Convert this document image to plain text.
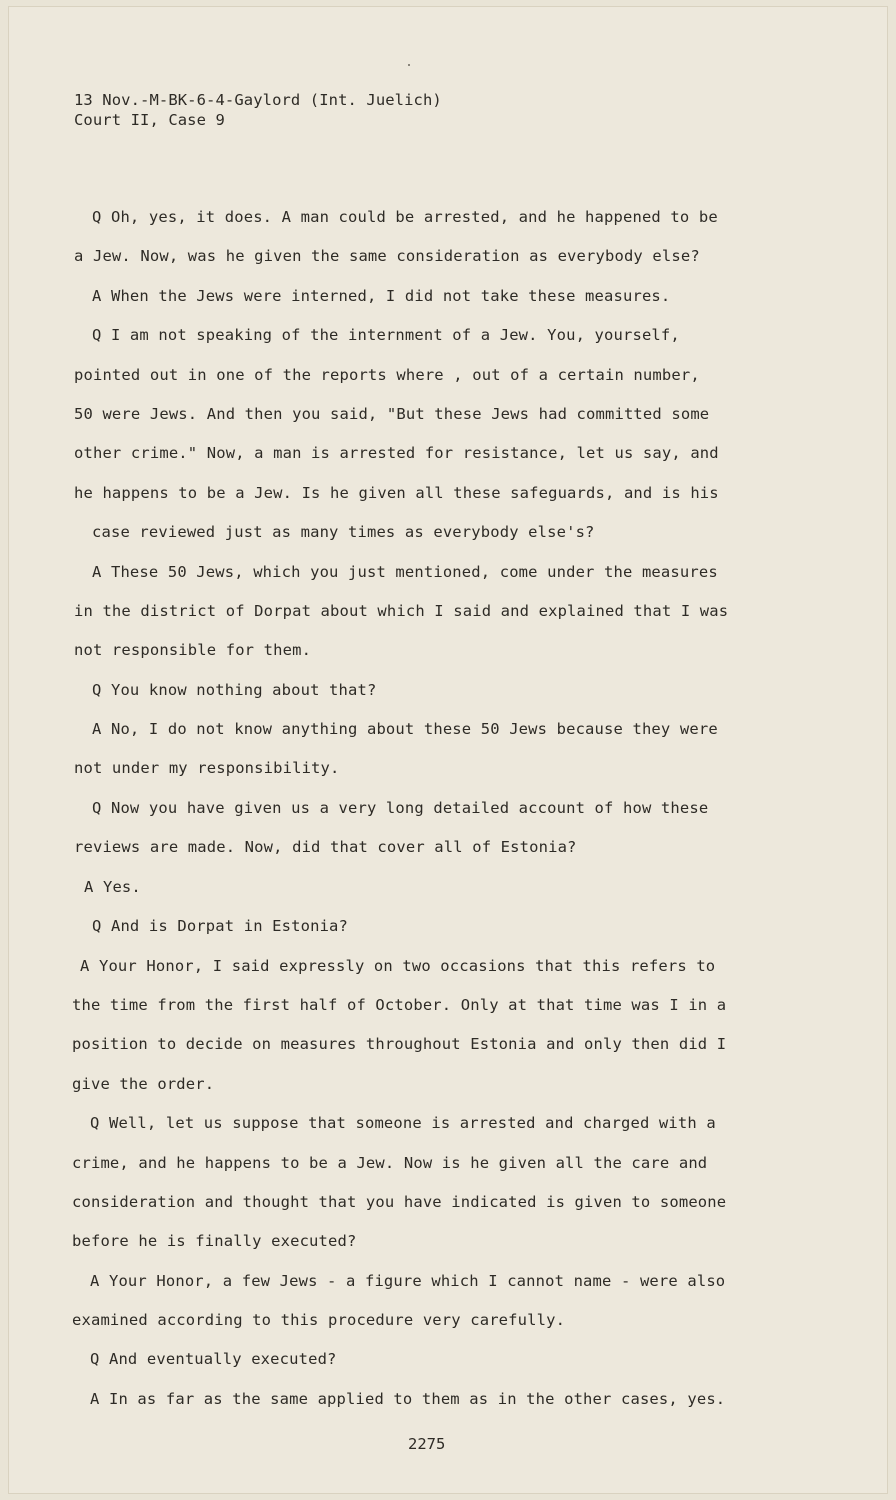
13 Nov.-M-BK-6-4-Gaylord (Int. Juelich)
Court II, Case 9
Q Oh, yes, it does. A man could be arrested, and he happened to be
a Jew. Now, was he given the same consideration as everybody else?
A When the Jews were interned, I did not take these measures.
Q I am not speaking of the internment of a Jew. You, yourself,
pointed out in one of the reports where , out of a certain number,
50 were Jews. And then you said, "But these Jews had committed some
other crime." Now, a man is arrested for resistance, let us say, and
he happens to be a Jew. Is he given all these safeguards, and is his
case reviewed just as many times as everybody else's?
A These 50 Jews, which you just mentioned, come under the measures
in the district of Dorpat about which I said and explained that I was
not responsible for them.
Q You know nothing about that?
A No, I do not know anything about these 50 Jews because they were
not under my responsibility.
Q Now you have given us a very long detailed account of how these
reviews are made. Now, did that cover all of Estonia?
A Yes.
Q And is Dorpat in Estonia?
A Your Honor, I said expressly on two occasions that this refers to
the time from the first half of October. Only at that time was I in a
position to decide on measures throughout Estonia and only then did I
give the order.
Q Well, let us suppose that someone is arrested and charged with a
crime, and he happens to be a Jew. Now is he given all the care and
consideration and thought that you have indicated is given to someone
before he is finally executed?
A Your Honor, a few Jews - a figure which I cannot name - were also
examined according to this procedure very carefully.
Q And eventually executed?
A In as far as the same applied to them as in the other cases, yes.
2275
